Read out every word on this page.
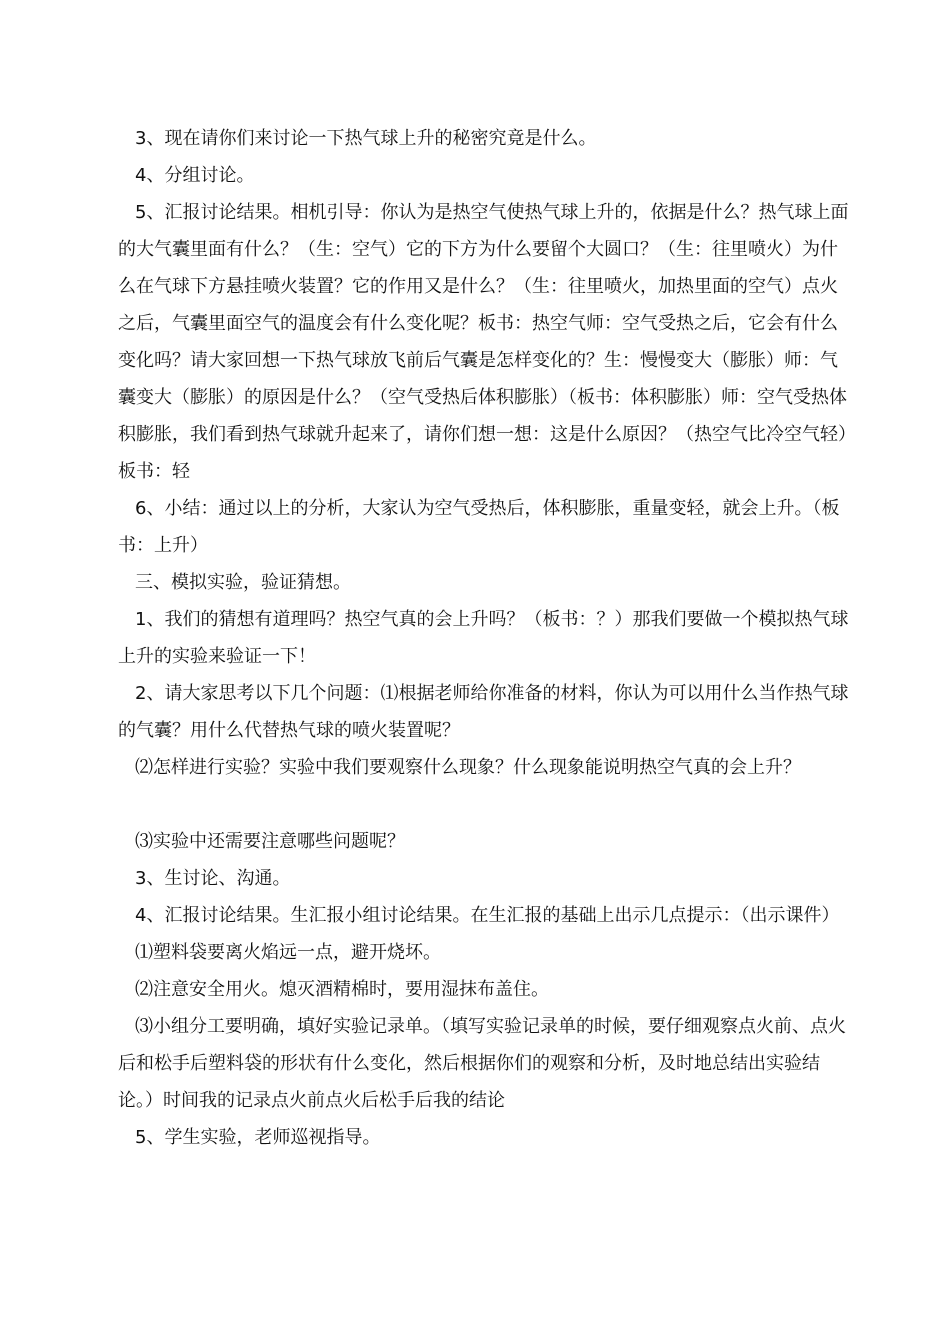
3、现在请你们来讨论一下热气球上升的秘密究竟是什么。

4、分组讨论。

5、汇报讨论结果。相机引导：你认为是热空气使热气球上升的，依据是什么？热气球上面的大气囊里面有什么？（生：空气）它的下方为什么要留个大圆口？（生：往里喷火）为什么在气球下方悬挂喷火装置？它的作用又是什么？（生：往里喷火，加热里面的空气）点火之后，气囊里面空气的温度会有什么变化呢？板书：热空气师：空气受热之后，它会有什么变化吗？请大家回想一下热气球放飞前后气囊是怎样变化的？生：慢慢变大（膨胀）师：气囊变大（膨胀）的原因是什么？（空气受热后体积膨胀）（板书：体积膨胀）师：空气受热体积膨胀，我们看到热气球就升起来了，请你们想一想：这是什么原因？（热空气比冷空气轻）板书：轻

6、小结：通过以上的分析，大家认为空气受热后，体积膨胀，重量变轻，就会上升。（板书：上升）

三、模拟实验，验证猜想。

1、我们的猜想有道理吗？热空气真的会上升吗？（板书：？）那我们要做一个模拟热气球上升的实验来验证一下！

2、请大家思考以下几个问题：⑴根据老师给你准备的材料，你认为可以用什么当作热气球的气囊？用什么代替热气球的喷火装置呢？

⑵怎样进行实验？实验中我们要观察什么现象？什么现象能说明热空气真的会上升？

⑶实验中还需要注意哪些问题呢？

3、生讨论、沟通。

4、汇报讨论结果。生汇报小组讨论结果。在生汇报的基础上出示几点提示：（出示课件）

⑴塑料袋要离火焰远一点，避开烧坏。

⑵注意安全用火。熄灭酒精棉时，要用湿抹布盖住。

⑶小组分工要明确，填好实验记录单。（填写实验记录单的时候，要仔细观察点火前、点火后和松手后塑料袋的形状有什么变化，然后根据你们的观察和分析，及时地总结出实验结论。）时间我的记录点火前点火后松手后我的结论

5、学生实验，老师巡视指导。
